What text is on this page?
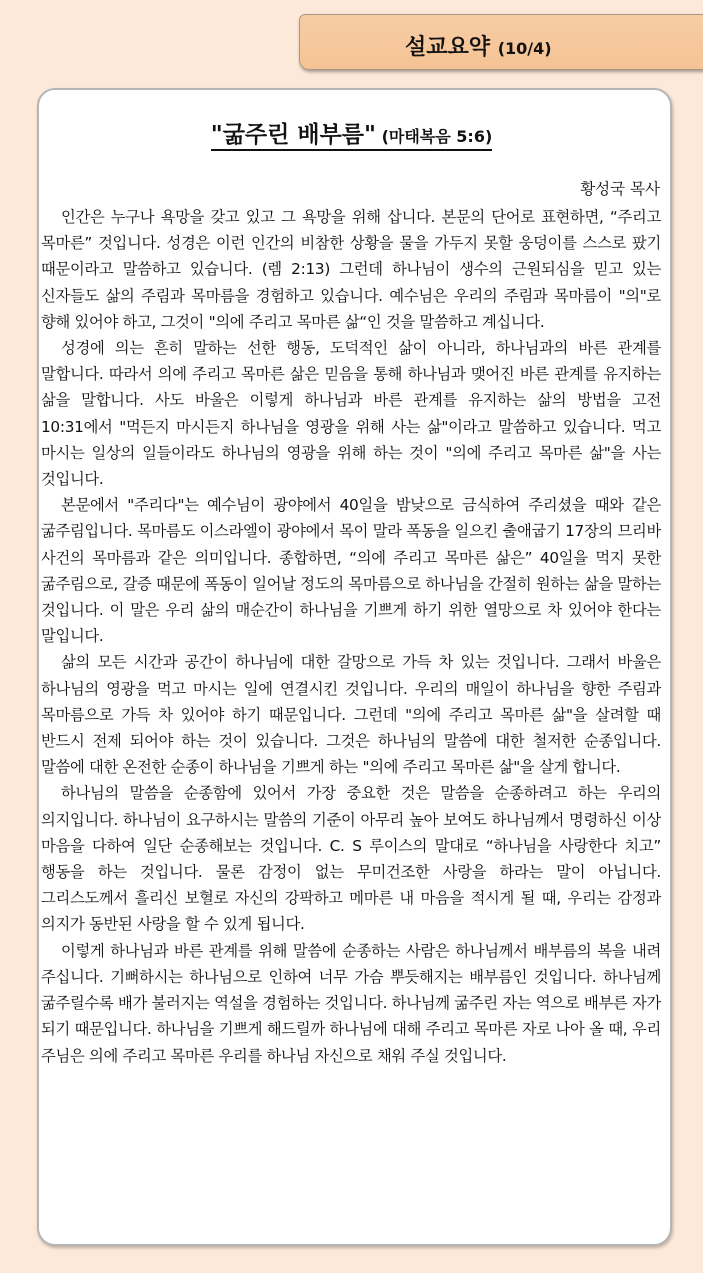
설교요약 (10/4)
"굶주린 배부름" (마태복음 5:6)
황성국 목사

인간은 누구나 욕망을 갖고 있고 그 욕망을 위해 삽니다. 본문의 단어로 표현하면, “주리고 목마른” 것입니다. 성경은 이런 인간의 비참한 상황을 물을 가두지 못할 웅덩이를 스스로 팠기 때문이라고 말씀하고 있습니다. (렘 2:13) 그런데 하나님이 생수의 근원되심을 믿고 있는 신자들도 삶의 주림과 목마름을 경험하고 있습니다. 예수님은 우리의 주림과 목마름이 "의"로 향해 있어야 하고, 그것이 "의에 주리고 목마른 삶“인 것을 말씀하고 계십니다.

성경에 의는 흔히 말하는 선한 행동, 도덕적인 삶이 아니라, 하나님과의 바른 관계를 말합니다. 따라서 의에 주리고 목마른 삶은 믿음을 통해 하나님과 맺어진 바른 관계를 유지하는 삶을 말합니다. 사도 바울은 이렇게 하나님과 바른 관계를 유지하는 삶의 방법을 고전 10:31에서 "먹든지 마시든지 하나님을 영광을 위해 사는 삶"이라고 말씀하고 있습니다. 먹고 마시는 일상의 일들이라도 하나님의 영광을 위해 하는 것이 "의에 주리고 목마른 삶"을 사는 것입니다.

본문에서 "주리다"는 예수님이 광야에서 40일을 밤낮으로 금식하여 주리셨을 때와 같은 굶주림입니다. 목마름도 이스라엘이 광야에서 목이 말라 폭동을 일으킨 출애굽기 17장의 므리바 사건의 목마름과 같은 의미입니다. 종합하면, “의에 주리고 목마른 삶은” 40일을 먹지 못한 굶주림으로, 갈증 때문에 폭동이 일어날 정도의 목마름으로 하나님을 간절히 원하는 삶을 말하는 것입니다. 이 말은 우리 삶의 매순간이 하나님을 기쁘게 하기 위한 열망으로 차 있어야 한다는 말입니다.

삶의 모든 시간과 공간이 하나님에 대한 갈망으로 가득 차 있는 것입니다. 그래서 바울은 하나님의 영광을 먹고 마시는 일에 연결시킨 것입니다. 우리의 매일이 하나님을 향한 주림과 목마름으로 가득 차 있어야 하기 때문입니다. 그런데 "의에 주리고 목마른 삶"을 살려할 때 반드시 전제 되어야 하는 것이 있습니다. 그것은 하나님의 말씀에 대한 철저한 순종입니다. 말씀에 대한 온전한 순종이 하나님을 기쁘게 하는 "의에 주리고 목마른 삶"을 살게 합니다.

하나님의 말씀을 순종함에 있어서 가장 중요한 것은 말씀을 순종하려고 하는 우리의 의지입니다. 하나님이 요구하시는 말씀의 기준이 아무리 높아 보여도 하나님께서 명령하신 이상 마음을 다하여 일단 순종해보는 것입니다. C. S 루이스의 말대로 “하나님을 사랑한다 치고” 행동을 하는 것입니다. 물론 감정이 없는 무미건조한 사랑을 하라는 말이 아닙니다. 그리스도께서 흘리신 보혈로 자신의 강팍하고 메마른 내 마음을 적시게 될 때, 우리는 감정과 의지가 동반된 사랑을 할 수 있게 됩니다.

이렇게 하나님과 바른 관계를 위해 말씀에 순종하는 사람은 하나님께서 배부름의 복을 내려 주십니다. 기뻐하시는 하나님으로 인하여 너무 가슴 뿌듯해지는 배부름인 것입니다. 하나님께 굶주릴수록 배가 불러지는 역설을 경험하는 것입니다. 하나님께 굶주린 자는 역으로 배부른 자가 되기 때문입니다. 하나님을 기쁘게 해드릴까 하나님에 대해 주리고 목마른 자로 나아 올 때, 우리 주님은 의에 주리고 목마른 우리를 하나님 자신으로 채워 주실 것입니다.
